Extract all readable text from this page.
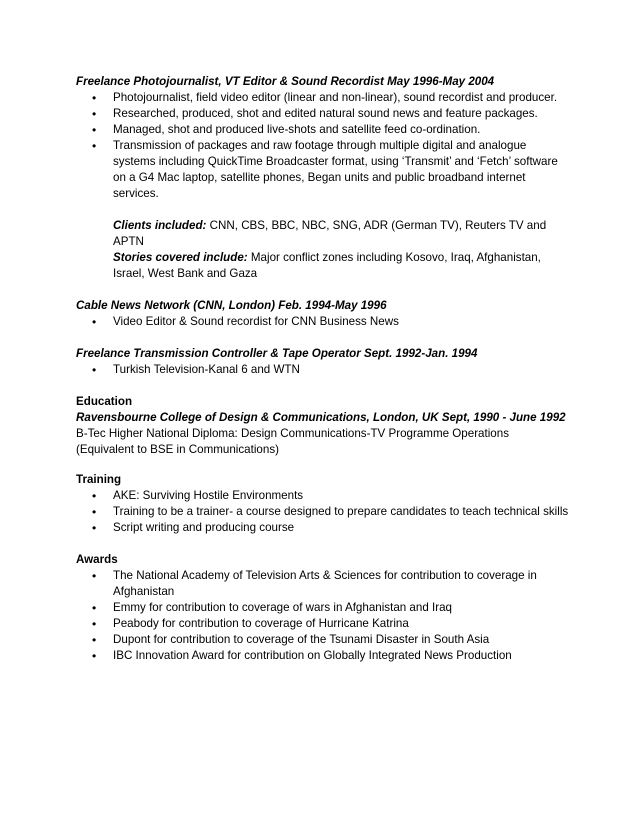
Freelance Photojournalist, VT Editor & Sound Recordist May 1996-May 2004

• Photojournalist, field video editor (linear and non-linear), sound recordist and producer.
• Researched, produced, shot and edited natural sound news and feature packages.
• Managed, shot and produced live-shots and satellite feed co-ordination.
• Transmission of packages and raw footage through multiple digital and analogue systems including QuickTime Broadcaster format, using ‘Transmit’ and ‘Fetch’ software on a G4 Mac laptop, satellite phones, Began units and public broadband internet services.

Clients included: CNN, CBS, BBC, NBC, SNG, ADR (German TV), Reuters TV and APTN

Stories covered include: Major conflict zones including Kosovo, Iraq, Afghanistan, Israel, West Bank and Gaza

Cable News Network (CNN, London) Feb. 1994-May 1996

• Video Editor & Sound recordist for CNN Business News

Freelance Transmission Controller & Tape Operator Sept. 1992-Jan. 1994

• Turkish Television-Kanal 6 and WTN

Education

Ravensbourne College of Design & Communications, London, UK Sept, 1990 - June 1992

B-Tec Higher National Diploma: Design Communications-TV Programme Operations

(Equivalent to BSE in Communications)

Training

• AKE: Surviving Hostile Environments
• Training to be a trainer- a course designed to prepare candidates to teach technical skills
• Script writing and producing course

Awards

• The National Academy of Television Arts & Sciences for contribution to coverage in Afghanistan
• Emmy for contribution to coverage of wars in Afghanistan and Iraq
• Peabody for contribution to coverage of Hurricane Katrina
• Dupont for contribution to coverage of the Tsunami Disaster in South Asia
• IBC Innovation Award for contribution on Globally Integrated News Production
